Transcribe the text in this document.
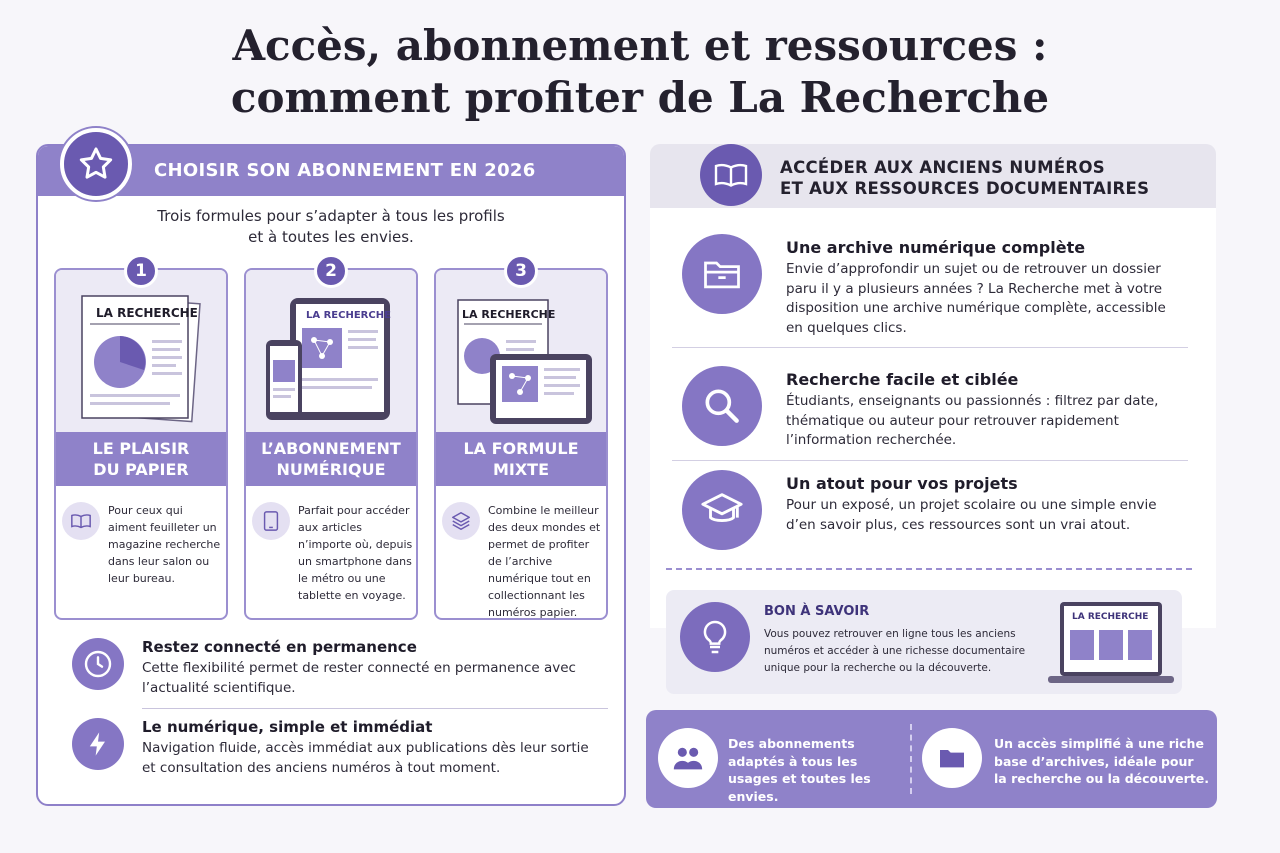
Accès, abonnement et ressources :
comment profiter de La Recherche
CHOISIR SON ABONNEMENT EN 2026
Trois formules pour s’adapter à tous les profils
et à toutes les envies.
LA RECHERCHE
1
LE PLAISIR
DU PAPIER
Pour ceux qui aiment feuilleter un magazine recherche dans leur salon ou leur bureau.
LA RECHERCHE
2
L’ABONNEMENT
NUMÉRIQUE
Parfait pour accéder aux articles n’importe où, depuis un smartphone dans le métro ou une tablette en voyage.
LA RECHERCHE
3
LA FORMULE
MIXTE
Combine le meilleur des deux mondes et permet de profiter de l’archive numérique tout en collectionnant les numéros papier.
Restez connecté en permanence
Cette flexibilité permet de rester connecté en permanence avec l’actualité scientifique.
Le numérique, simple et immédiat
Navigation fluide, accès immédiat aux publications dès leur sortie et consultation des anciens numéros à tout moment.
ACCÉDER AUX ANCIENS NUMÉROS
ET AUX RESSOURCES DOCUMENTAIRES
Une archive numérique complète
Envie d’approfondir un sujet ou de retrouver un dossier paru il y a plusieurs années ? La Recherche met à votre disposition une archive numérique complète, accessible en quelques clics.
Recherche facile et ciblée
Étudiants, enseignants ou passionnés : filtrez par date, thématique ou auteur pour retrouver rapidement l’information recherchée.
Un atout pour vos projets
Pour un exposé, un projet scolaire ou une simple envie d’en savoir plus, ces ressources sont un vrai atout.
BON À SAVOIR
Vous pouvez retrouver en ligne tous les anciens numéros et accéder à une richesse documentaire unique pour la recherche ou la découverte.
LA RECHERCHE
Des abonnements adaptés à tous les usages et toutes les envies.
Un accès simplifié à une riche base d’archives, idéale pour la recherche ou la découverte.
